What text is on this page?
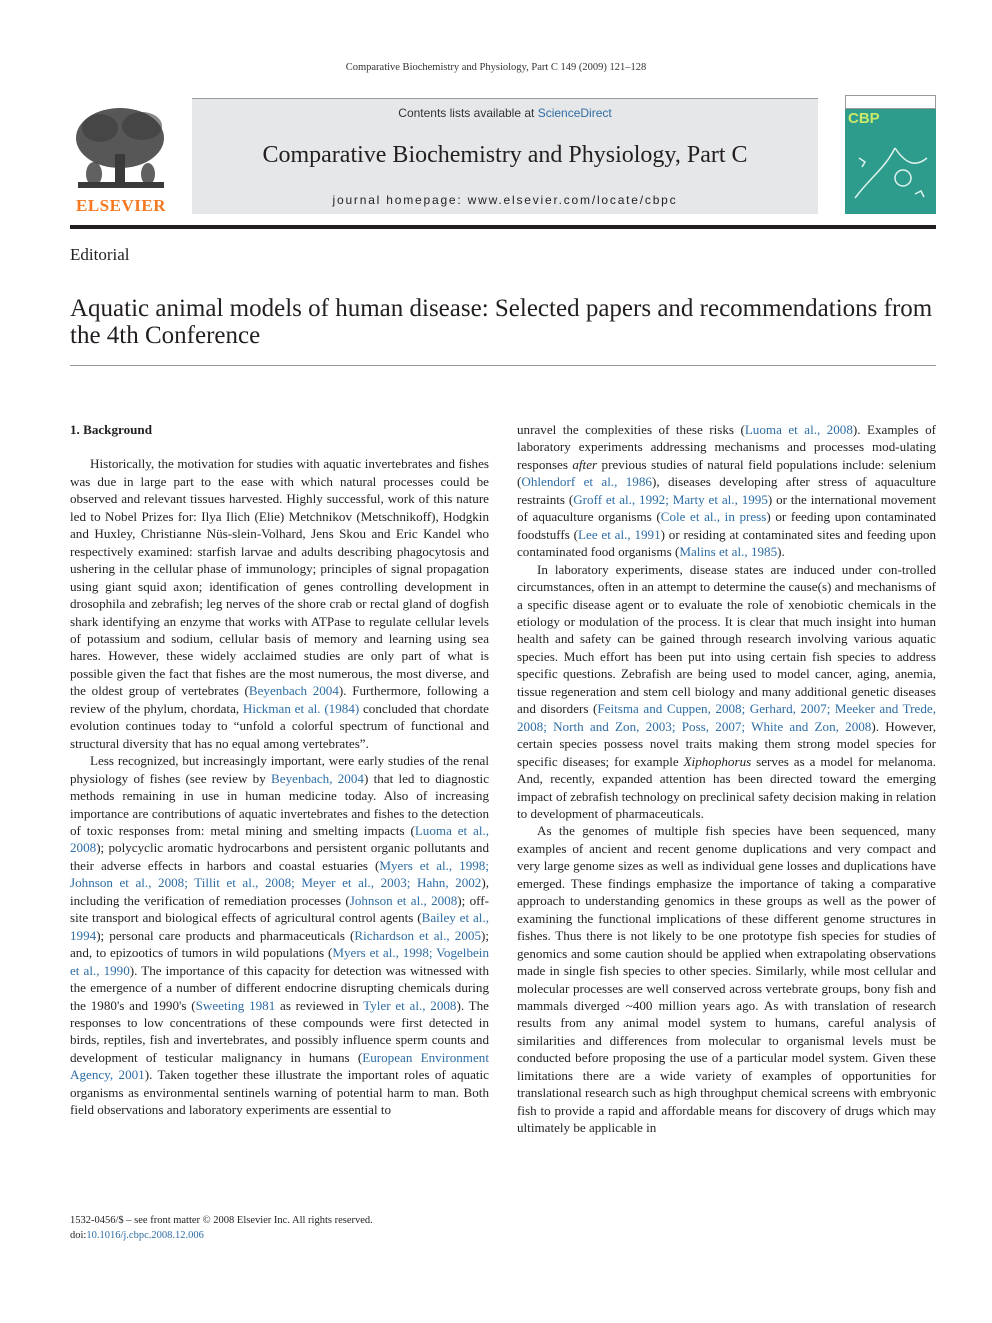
Comparative Biochemistry and Physiology, Part C 149 (2009) 121–128
ELSEVIER
Contents lists available at ScienceDirect
Comparative Biochemistry and Physiology, Part C
journal homepage: www.elsevier.com/locate/cbpc
CBP
Editorial
Aquatic animal models of human disease: Selected papers and recommendations from the 4th Conference

1. Background

Historically, the motivation for studies with aquatic invertebrates and fishes was due in large part to the ease with which natural processes could be observed and relevant tissues harvested. Highly successful, work of this nature led to Nobel Prizes for: Ilya Ilich (Elie) Metchnikov (Metschnikoff), Hodgkin and Huxley, Christianne Nüs-slein-Volhard, Jens Skou and Eric Kandel who respectively examined: starfish larvae and adults describing phagocytosis and ushering in the cellular phase of immunology; principles of signal propagation using giant squid axon; identification of genes controlling development in drosophila and zebrafish; leg nerves of the shore crab or rectal gland of dogfish shark identifying an enzyme that works with ATPase to regulate cellular levels of potassium and sodium, cellular basis of memory and learning using sea hares. However, these widely acclaimed studies are only part of what is possible given the fact that fishes are the most numerous, the most diverse, and the oldest group of vertebrates (Beyenbach 2004). Furthermore, following a review of the phylum, chordata, Hickman et al. (1984) concluded that chordate evolution continues today to “unfold a colorful spectrum of functional and structural diversity that has no equal among vertebrates”.

Less recognized, but increasingly important, were early studies of the renal physiology of fishes (see review by Beyenbach, 2004) that led to diagnostic methods remaining in use in human medicine today. Also of increasing importance are contributions of aquatic invertebrates and fishes to the detection of toxic responses from: metal mining and smelting impacts (Luoma et al., 2008); polycyclic aromatic hydrocarbons and persistent organic pollutants and their adverse effects in harbors and coastal estuaries (Myers et al., 1998; Johnson et al., 2008; Tillit et al., 2008; Meyer et al., 2003; Hahn, 2002), including the verification of remediation processes (Johnson et al., 2008); off-site transport and biological effects of agricultural control agents (Bailey et al., 1994); personal care products and pharmaceuticals (Richardson et al., 2005); and, to epizootics of tumors in wild populations (Myers et al., 1998; Vogelbein et al., 1990). The importance of this capacity for detection was witnessed with the emergence of a number of different endocrine disrupting chemicals during the 1980's and 1990's (Sweeting 1981 as reviewed in Tyler et al., 2008). The responses to low concentrations of these compounds were first detected in birds, reptiles, fish and invertebrates, and possibly influence sperm counts and development of testicular malignancy in humans (European Environment Agency, 2001). Taken together these illustrate the important roles of aquatic organisms as environmental sentinels warning of potential harm to man. Both field observations and laboratory experiments are essential to

unravel the complexities of these risks (Luoma et al., 2008). Examples of laboratory experiments addressing mechanisms and processes mod-ulating responses after previous studies of natural field populations include: selenium (Ohlendorf et al., 1986), diseases developing after stress of aquaculture restraints (Groff et al., 1992; Marty et al., 1995) or the international movement of aquaculture organisms (Cole et al., in press) or feeding upon contaminated foodstuffs (Lee et al., 1991) or residing at contaminated sites and feeding upon contaminated food organisms (Malins et al., 1985).

In laboratory experiments, disease states are induced under con-trolled circumstances, often in an attempt to determine the cause(s) and mechanisms of a specific disease agent or to evaluate the role of xenobiotic chemicals in the etiology or modulation of the process. It is clear that much insight into human health and safety can be gained through research involving various aquatic species. Much effort has been put into using certain fish species to address specific questions. Zebrafish are being used to model cancer, aging, anemia, tissue regeneration and stem cell biology and many additional genetic diseases and disorders (Feitsma and Cuppen, 2008; Gerhard, 2007; Meeker and Trede, 2008; North and Zon, 2003; Poss, 2007; White and Zon, 2008). However, certain species possess novel traits making them strong model species for specific diseases; for example Xiphophorus serves as a model for melanoma. And, recently, expanded attention has been directed toward the emerging impact of zebrafish technology on preclinical safety decision making in relation to development of pharmaceuticals.

As the genomes of multiple fish species have been sequenced, many examples of ancient and recent genome duplications and very compact and very large genome sizes as well as individual gene losses and duplications have emerged. These findings emphasize the importance of taking a comparative approach to understanding genomics in these groups as well as the power of examining the functional implications of these different genome structures in fishes. Thus there is not likely to be one prototype fish species for studies of genomics and some caution should be applied when extrapolating observations made in single fish species to other species. Similarly, while most cellular and molecular processes are well conserved across vertebrate groups, bony fish and mammals diverged ~400 million years ago. As with translation of research results from any animal model system to humans, careful analysis of similarities and differences from molecular to organismal levels must be conducted before proposing the use of a particular model system. Given these limitations there are a wide variety of examples of opportunities for translational research such as high throughput chemical screens with embryonic fish to provide a rapid and affordable means for discovery of drugs which may ultimately be applicable in

1532-0456/$ – see front matter © 2008 Elsevier Inc. All rights reserved.
doi:10.1016/j.cbpc.2008.12.006
